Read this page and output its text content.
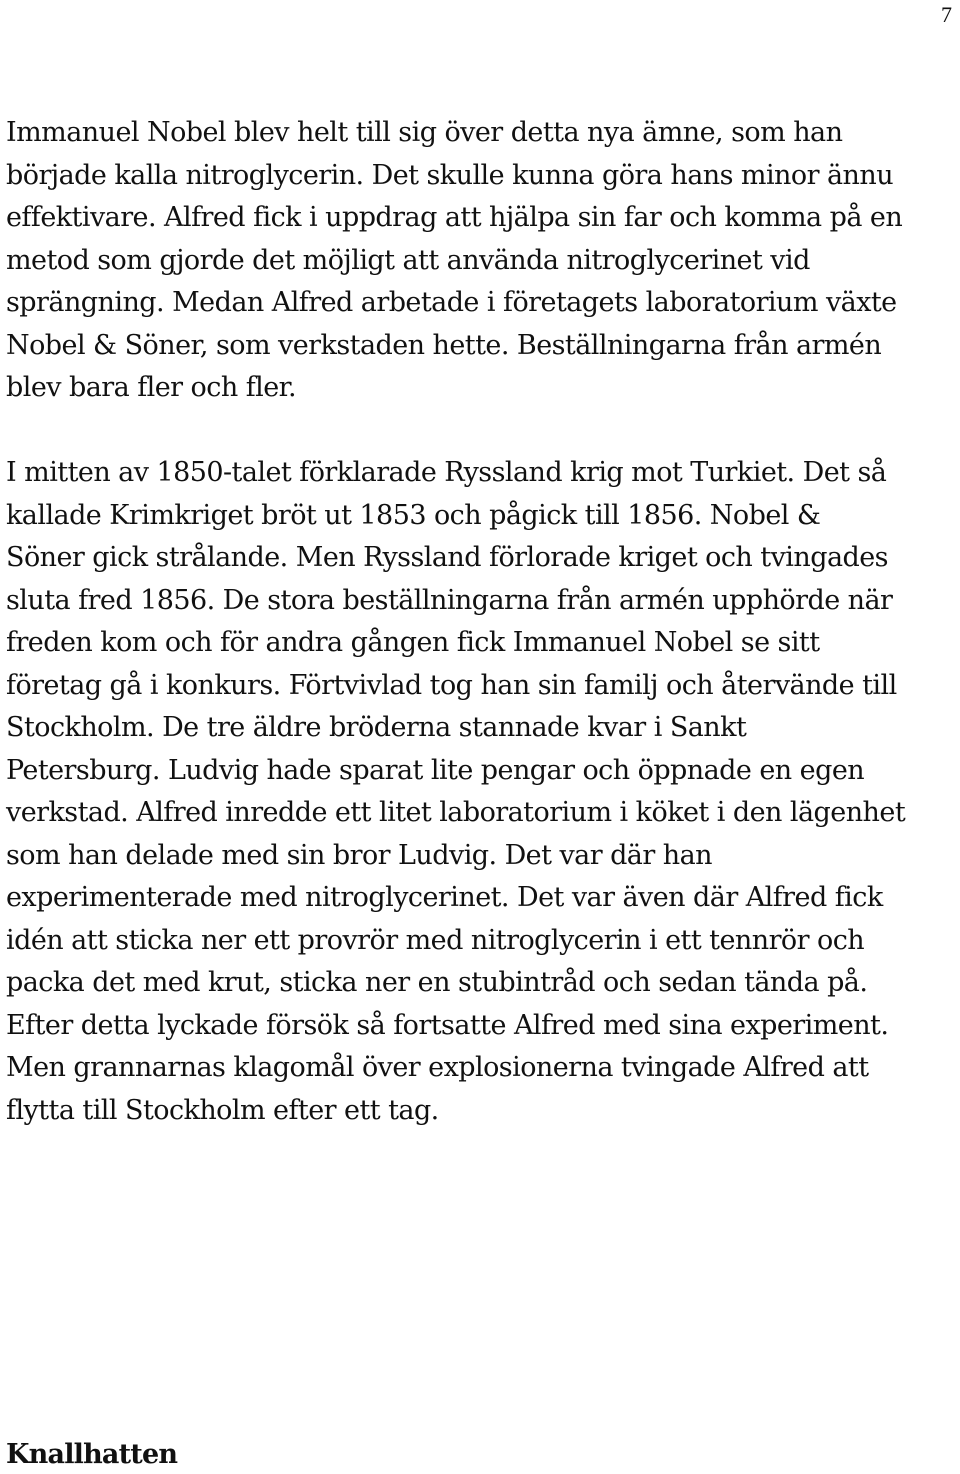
7

Immanuel Nobel blev helt till sig över detta nya ämne, som han började kalla nitroglycerin. Det skulle kunna göra hans minor ännu effektivare. Alfred fick i uppdrag att hjälpa sin far och komma på en metod som gjorde det möjligt att använda nitroglycerinet vid sprängning. Medan Alfred arbetade i företagets laboratorium växte Nobel & Söner, som verkstaden hette. Beställningarna från armén blev bara fler och fler.

I mitten av 1850-talet förklarade Ryssland krig mot Turkiet. Det så kallade Krimkriget bröt ut 1853 och pågick till 1856. Nobel & Söner gick strålande. Men Ryssland förlorade kriget och tvingades sluta fred 1856. De stora beställningarna från armén upphörde när freden kom och för andra gången fick Immanuel Nobel se sitt företag gå i konkurs. Förtvivlad tog han sin familj och återvände till Stockholm. De tre äldre bröderna stannade kvar i Sankt Petersburg. Ludvig hade sparat lite pengar och öppnade en egen verkstad. Alfred inredde ett litet laboratorium i köket i den lägenhet som han delade med sin bror Ludvig. Det var där han experimenterade med nitroglycerinet. Det var även där Alfred fick idén att sticka ner ett provrör med nitroglycerin i ett tennrör och packa det med krut, sticka ner en stubintråd och sedan tända på.

Efter detta lyckade försök så fortsatte Alfred med sina experiment. Men grannarnas klagomål över explosionerna tvingade Alfred att flytta till Stockholm efter ett tag.

Knallhatten
